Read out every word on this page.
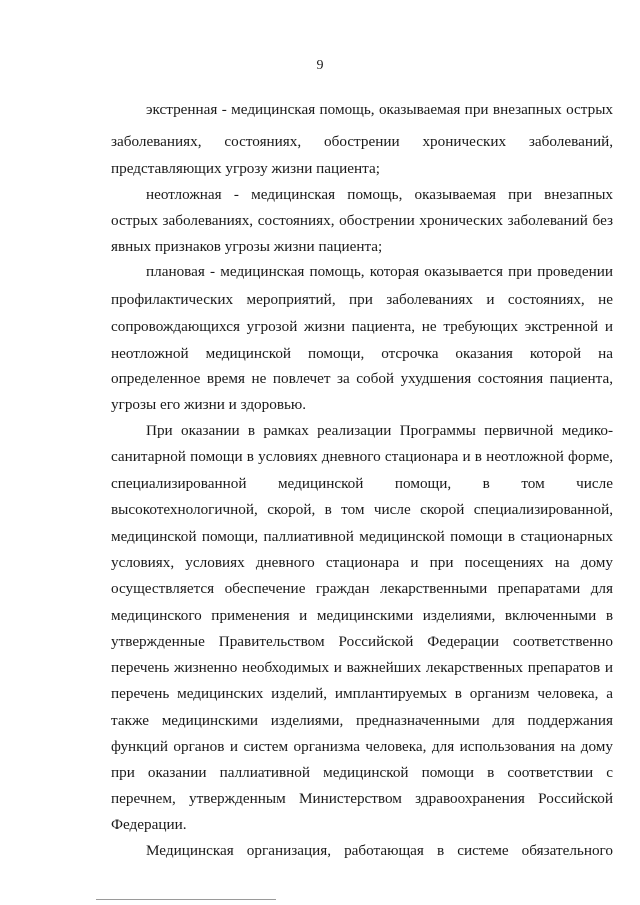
9
экстренная - медицинская помощь, оказываемая при внезапных острых
заболеваниях, состояниях, обострении хронических заболеваний,
представляющих угрозу жизни пациента;
неотложная - медицинская помощь, оказываемая при внезапных
острых заболеваниях, состояниях, обострении хронических заболеваний без
явных признаков угрозы жизни пациента;
плановая - медицинская помощь, которая оказывается при проведении
профилактических мероприятий, при заболеваниях и состояниях, не
сопровождающихся угрозой жизни пациента, не требующих экстренной и
неотложной медицинской помощи, отсрочка оказания которой на
определенное время не повлечет за собой ухудшения состояния пациента,
угрозы его жизни и здоровью.
При оказании в рамках реализации Программы первичной медико-
санитарной помощи в условиях дневного стационара и в неотложной форме,
специализированной медицинской помощи, в том числе
высокотехнологичной, скорой, в том числе скорой специализированной,
медицинской помощи, паллиативной медицинской помощи в стационарных
условиях, условиях дневного стационара и при посещениях на дому
осуществляется обеспечение граждан лекарственными препаратами для
медицинского применения и медицинскими изделиями, включенными в
утвержденные Правительством Российской Федерации соответственно
перечень жизненно необходимых и важнейших лекарственных препаратов и
перечень медицинских изделий, имплантируемых в организм человека, а
также медицинскими изделиями, предназначенными для поддержания
функций органов и систем организма человека, для использования на дому
при оказании паллиативной медицинской помощи в соответствии с
перечнем, утвержденным Министерством здравоохранения Российской
Федерации.
Медицинская организация, работающая в системе обязательного
